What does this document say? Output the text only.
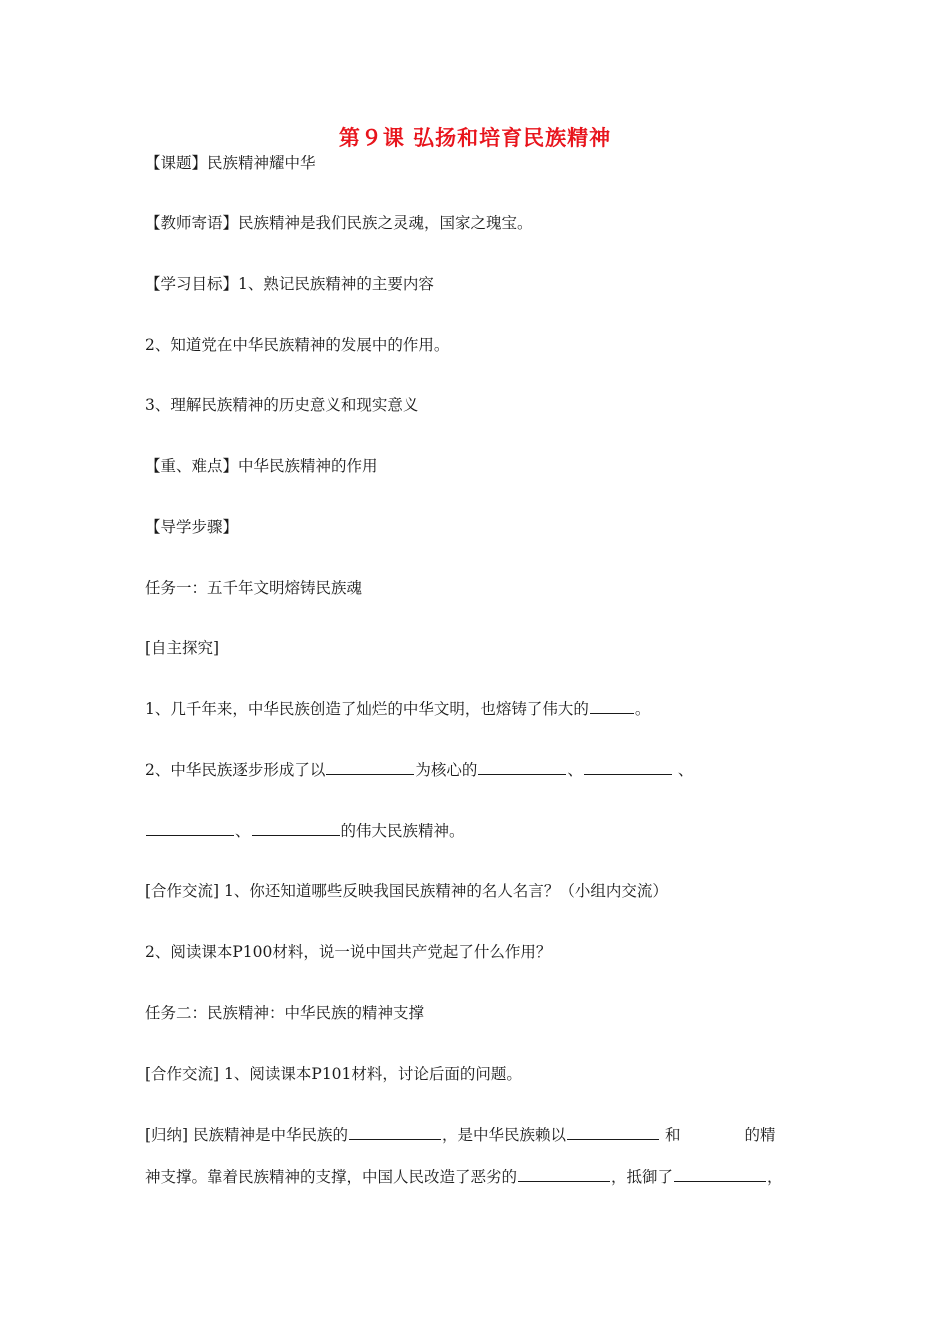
第９课 弘扬和培育民族精神
【课题】民族精神耀中华
【教师寄语】民族精神是我们民族之灵魂，国家之瑰宝。
【学习目标】1、熟记民族精神的主要内容
2、知道党在中华民族精神的发展中的作用。
3、理解民族精神的历史意义和现实意义
【重、难点】中华民族精神的作用
【导学步骤】
任务一：五千年文明熔铸民族魂
[自主探究]
1、几千年来，中华民族创造了灿烂的中华文明，也熔铸了伟大的	。
2、中华民族逐步形成了以	为核心的	、	、
、	的伟大民族精神。
[合作交流] 1、你还知道哪些反映我国民族精神的名人名言？（小组内交流）
2、阅读课本P100材料，说一说中国共产党起了什么作用？
任务二：民族精神：中华民族的精神支撑
[合作交流] 1、阅读课本P101材料，讨论后面的问题。
[归纳] 民族精神是中华民族的	，是中华民族赖以	和	的精
神支撑。靠着民族精神的支撑，中国人民改造了恶劣的	，抵御了	，
